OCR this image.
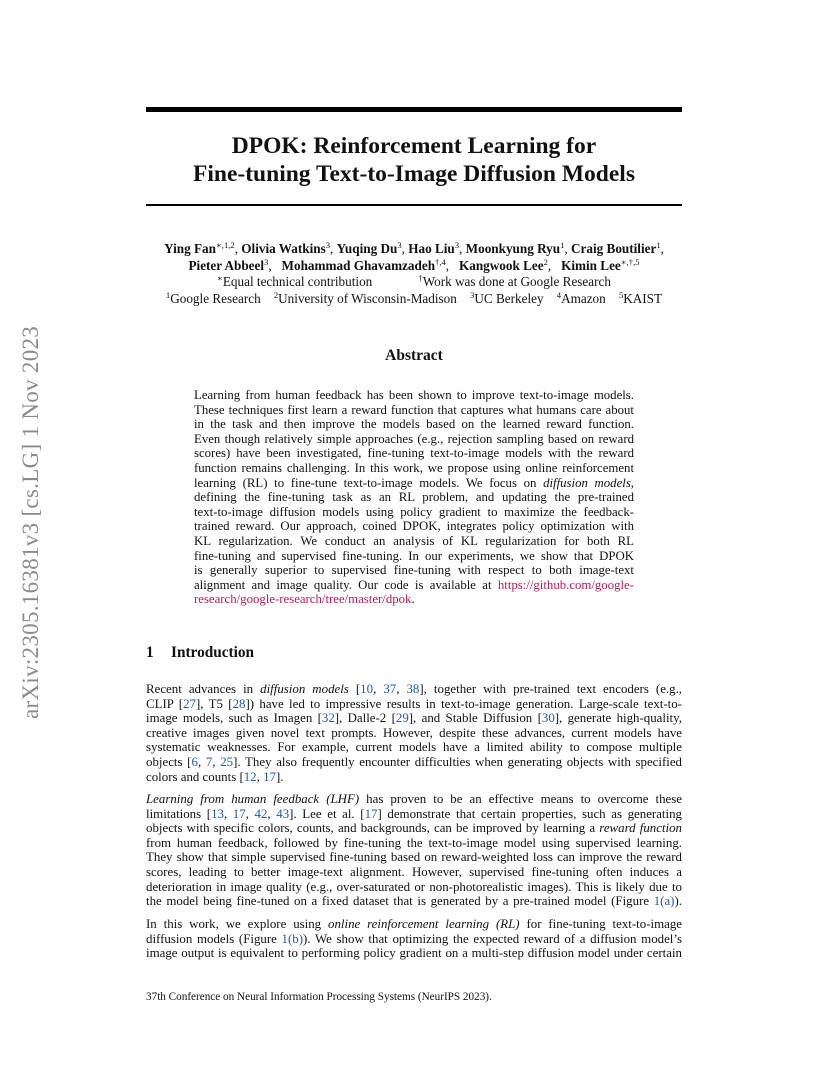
arXiv:2305.16381v3 [cs.LG] 1 Nov 2023
DPOK: Reinforcement Learning for
Fine-tuning Text-to-Image Diffusion Models
Ying Fan$^{∗,1,2}$, Olivia Watkins$^3$, Yuqing Du$^3$, Hao Liu$^3$, Moonkyung Ryu$^1$, Craig Boutilier$^1$,
Pieter Abbeel$^3$,   Mohammad Ghavamzadeh$^{\dagger,4}$,   Kangwook Lee$^2$,   Kimin Lee$^{∗,\dagger,5}$
∗Equal technical contribution	†Work was done at Google Research
$^1$Google Research $^2$University of Wisconsin-Madison $^3$UC Berkeley $^4$Amazon $^5$KAIST
Abstract
Learning from human feedback has been shown to improve text-to-image models.
These techniques first learn a reward function that captures what humans care about
in the task and then improve the models based on the learned reward function.
Even though relatively simple approaches (e.g., rejection sampling based on reward
scores) have been investigated, fine-tuning text-to-image models with the reward
function remains challenging. In this work, we propose using online reinforcement
learning (RL) to fine-tune text-to-image models. We focus on diffusion models,
defining the fine-tuning task as an RL problem, and updating the pre-trained
text-to-image diffusion models using policy gradient to maximize the feedback-
trained reward. Our approach, coined DPOK, integrates policy optimization with
KL regularization. We conduct an analysis of KL regularization for both RL
fine-tuning and supervised fine-tuning. In our experiments, we show that DPOK
is generally superior to supervised fine-tuning with respect to both image-text
alignment and image quality. Our code is available at https://github.com/google-
research/google-research/tree/master/dpok.
1 Introduction
Recent advances in diffusion models [10, 37, 38], together with pre-trained text encoders (e.g.,
CLIP [27], T5 [28]) have led to impressive results in text-to-image generation. Large-scale text-to-
image models, such as Imagen [32], Dalle-2 [29], and Stable Diffusion [30], generate high-quality,
creative images given novel text prompts. However, despite these advances, current models have
systematic weaknesses. For example, current models have a limited ability to compose multiple
objects [6, 7, 25]. They also frequently encounter difficulties when generating objects with specified
colors and counts [12, 17].
Learning from human feedback (LHF) has proven to be an effective means to overcome these
limitations [13, 17, 42, 43]. Lee et al. [17] demonstrate that certain properties, such as generating
objects with specific colors, counts, and backgrounds, can be improved by learning a reward function
from human feedback, followed by fine-tuning the text-to-image model using supervised learning.
They show that simple supervised fine-tuning based on reward-weighted loss can improve the reward
scores, leading to better image-text alignment. However, supervised fine-tuning often induces a
deterioration in image quality (e.g., over-saturated or non-photorealistic images). This is likely due to
the model being fine-tuned on a fixed dataset that is generated by a pre-trained model (Figure 1(a)).
In this work, we explore using online reinforcement learning (RL) for fine-tuning text-to-image
diffusion models (Figure 1(b)). We show that optimizing the expected reward of a diffusion model’s
image output is equivalent to performing policy gradient on a multi-step diffusion model under certain
37th Conference on Neural Information Processing Systems (NeurIPS 2023).
